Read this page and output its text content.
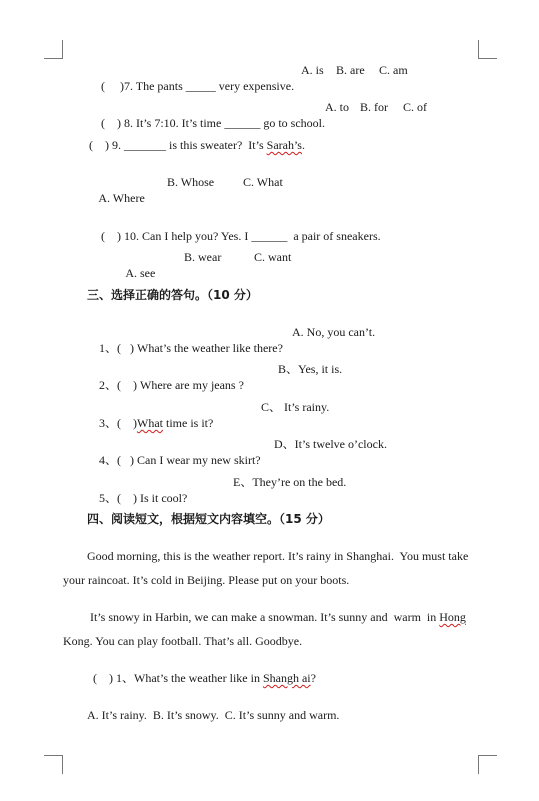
(     )7. The pants _____ very expensive.

A. is

B. are

C. am

(    ) 8. It’s 7:10. It’s time ______ go to school.

A. to

B. for

C. of

(    ) 9. _______ is this sweater?  It’s Sarah’s.

A. Where

B. Whose

C. What

(    ) 10. Can I help you? Yes. I ______  a pair of sneakers.

A. see

B. wear

	C. want

三、选择正确的答句。（10 分）

1、(   ) What’s the weather like there?

A. No, you can’t.

2、(    ) Where are my jeans ?

B、Yes, it is.

3、(    )What time is it?

C、 It’s rainy.

4、(   ) Can I wear my new skirt?

D、It’s twelve o’clock.

5、(    ) Is it cool?

E、They’re on the bed.

四、阅读短文，根据短文内容填空。（15 分）
Good morning, this is the weather report. It’s rainy in Shanghai.  You must take
your raincoat. It’s cold in Beijing. Please put on your boots.
It’s snowy in Harbin, we can make a snowman. It’s sunny and  warm  in Hong
Kong. You can play football. That’s all. Goodbye.
(    ) 1、What’s the weather like in Shangh ai?
A. It’s rainy.  B. It’s snowy.  C. It’s sunny and warm.
